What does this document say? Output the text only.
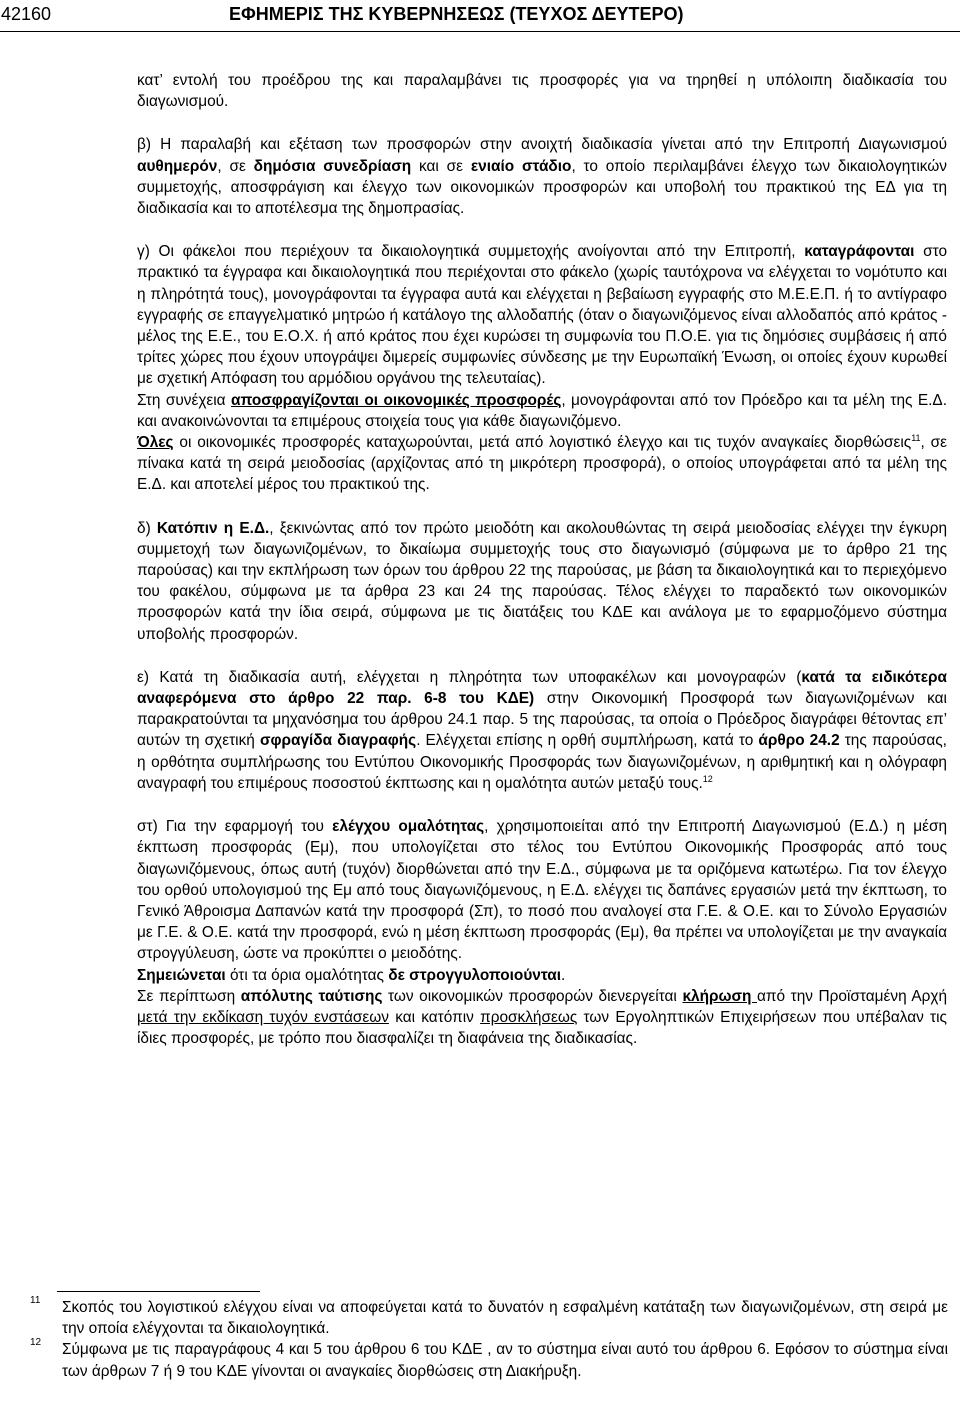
42160	ΕΦΗΜΕΡΙΣ ΤΗΣ ΚΥΒΕΡΝΗΣΕΩΣ (ΤΕΥΧΟΣ ΔΕΥΤΕΡΟ)

κατ’ εντολή του προέδρου της και παραλαμβάνει τις προσφορές για να τηρηθεί η υπόλοιπη διαδικασία του διαγωνισμού.

β) Η παραλαβή και εξέταση των προσφορών στην ανοιχτή διαδικασία γίνεται από την Επιτροπή Διαγωνισμού αυθημερόν, σε δημόσια συνεδρίαση και σε ενιαίο στάδιο, το οποίο περιλαμβάνει έλεγχο των δικαιολογητικών συμμετοχής, αποσφράγιση και έλεγχο των οικονομικών προσφορών και υποβολή του πρακτικού της ΕΔ για τη διαδικασία και το αποτέλεσμα της δημοπρασίας.

γ) Οι φάκελοι που περιέχουν τα δικαιολογητικά συμμετοχής ανοίγονται από την Επιτροπή, καταγράφονται στο πρακτικό τα έγγραφα και δικαιολογητικά που περιέχονται στο φάκελο (χωρίς ταυτόχρονα να ελέγχεται το νομότυπο και η πληρότητά τους), μονογράφονται τα έγγραφα αυτά και ελέγχεται η βεβαίωση εγγραφής στο Μ.Ε.Ε.Π. ή το αντίγραφο εγγραφής σε επαγγελματικό μητρώο ή κατάλογο της αλλοδαπής (όταν ο διαγωνιζόμενος είναι αλλοδαπός από κράτος - μέλος της Ε.Ε., του Ε.Ο.Χ. ή από κράτος που έχει κυρώσει τη συμφωνία του Π.Ο.Ε. για τις δημόσιες συμβάσεις ή από τρίτες χώρες που έχουν υπογράψει διμερείς συμφωνίες σύνδεσης με την Ευρωπαϊκή Ένωση, οι οποίες έχουν κυρωθεί με σχετική Απόφαση του αρμόδιου οργάνου της τελευταίας).

Στη συνέχεια αποσφραγίζονται οι οικονομικές προσφορές, μονογράφονται από τον Πρόεδρο και τα μέλη της Ε.Δ. και ανακοινώνονται τα επιμέρους στοιχεία τους για κάθε διαγωνιζόμενο.

Όλες οι οικονομικές προσφορές καταχωρούνται, μετά από λογιστικό έλεγχο και τις τυχόν αναγκαίες διορθώσεις$^{11}$, σε πίνακα κατά τη σειρά μειοδοσίας (αρχίζοντας από τη μικρότερη προσφορά), ο οποίος υπογράφεται από τα μέλη της Ε.Δ. και αποτελεί μέρος του πρακτικού της.

δ) Κατόπιν η Ε.Δ., ξεκινώντας από τον πρώτο μειοδότη και ακολουθώντας τη σειρά μειοδοσίας ελέγχει την έγκυρη συμμετοχή των διαγωνιζομένων, το δικαίωμα συμμετοχής τους στο διαγωνισμό (σύμφωνα με το άρθρο 21 της παρούσας) και την εκπλήρωση των όρων του άρθρου 22 της παρούσας, με βάση τα δικαιολογητικά και το περιεχόμενο του φακέλου, σύμφωνα με τα άρθρα 23 και 24 της παρούσας. Τέλος ελέγχει το παραδεκτό των οικονομικών προσφορών κατά την ίδια σειρά, σύμφωνα με τις διατάξεις του ΚΔΕ και ανάλογα με το εφαρμοζόμενο σύστημα υποβολής προσφορών.

ε) Κατά τη διαδικασία αυτή, ελέγχεται η πληρότητα των υποφακέλων και μονογραφών (κατά τα ειδικότερα αναφερόμενα στο άρθρο 22 παρ. 6-8 του ΚΔΕ) στην Οικονομική Προσφορά των διαγωνιζομένων και παρακρατούνται τα μηχανόσημα του άρθρου 24.1 παρ. 5 της παρούσας, τα οποία ο Πρόεδρος διαγράφει θέτοντας επ’ αυτών τη σχετική σφραγίδα διαγραφής. Ελέγχεται επίσης η ορθή συμπλήρωση, κατά το άρθρο 24.2 της παρούσας, η ορθότητα συμπλήρωσης του Εντύπου Οικονομικής Προσφοράς των διαγωνιζομένων, η αριθμητική και η ολόγραφη αναγραφή του επιμέρους ποσοστού έκπτωσης και η ομαλότητα αυτών μεταξύ τους.$^{12}$

στ) Για την εφαρμογή του ελέγχου ομαλότητας, χρησιμοποιείται από την Επιτροπή Διαγωνισμού (Ε.Δ.) η μέση έκπτωση προσφοράς (Εμ), που υπολογίζεται στο τέλος του Εντύπου Οικονομικής Προσφοράς από τους διαγωνιζόμενους, όπως αυτή (τυχόν) διορθώνεται από την Ε.Δ., σύμφωνα με τα οριζόμενα κατωτέρω. Για τον έλεγχο του ορθού υπολογισμού της Εμ από τους διαγωνιζόμενους, η Ε.Δ. ελέγχει τις δαπάνες εργασιών μετά την έκπτωση, το Γενικό Άθροισμα Δαπανών κατά την προσφορά (Σπ), το ποσό που αναλογεί στα Γ.Ε. & Ο.Ε. και το Σύνολο Εργασιών με Γ.Ε. & Ο.Ε. κατά την προσφορά, ενώ η μέση έκπτωση προσφοράς (Εμ), θα πρέπει να υπολογίζεται με την αναγκαία στρογγύλευση, ώστε να προκύπτει ο μειοδότης.

Σημειώνεται ότι τα όρια ομαλότητας δε στρογγυλοποιούνται.

Σε περίπτωση απόλυτης ταύτισης των οικονομικών προσφορών διενεργείται κλήρωση από την Προϊσταμένη Αρχή μετά την εκδίκαση τυχόν ενστάσεων και κατόπιν προσκλήσεως των Εργοληπτικών Επιχειρήσεων που υπέβαλαν τις ίδιες προσφορές, με τρόπο που διασφαλίζει τη διαφάνεια της διαδικασίας.

11 Σκοπός του λογιστικού ελέγχου είναι να αποφεύγεται κατά το δυνατόν η εσφαλμένη κατάταξη των διαγωνιζομένων, στη σειρά με την οποία ελέγχονται τα δικαιολογητικά.
12 Σύμφωνα με τις παραγράφους 4 και 5 του άρθρου 6 του ΚΔΕ , αν το σύστημα είναι αυτό του άρθρου 6. Εφόσον το σύστημα είναι των άρθρων 7 ή 9 του ΚΔΕ γίνονται οι αναγκαίες διορθώσεις στη Διακήρυξη.
